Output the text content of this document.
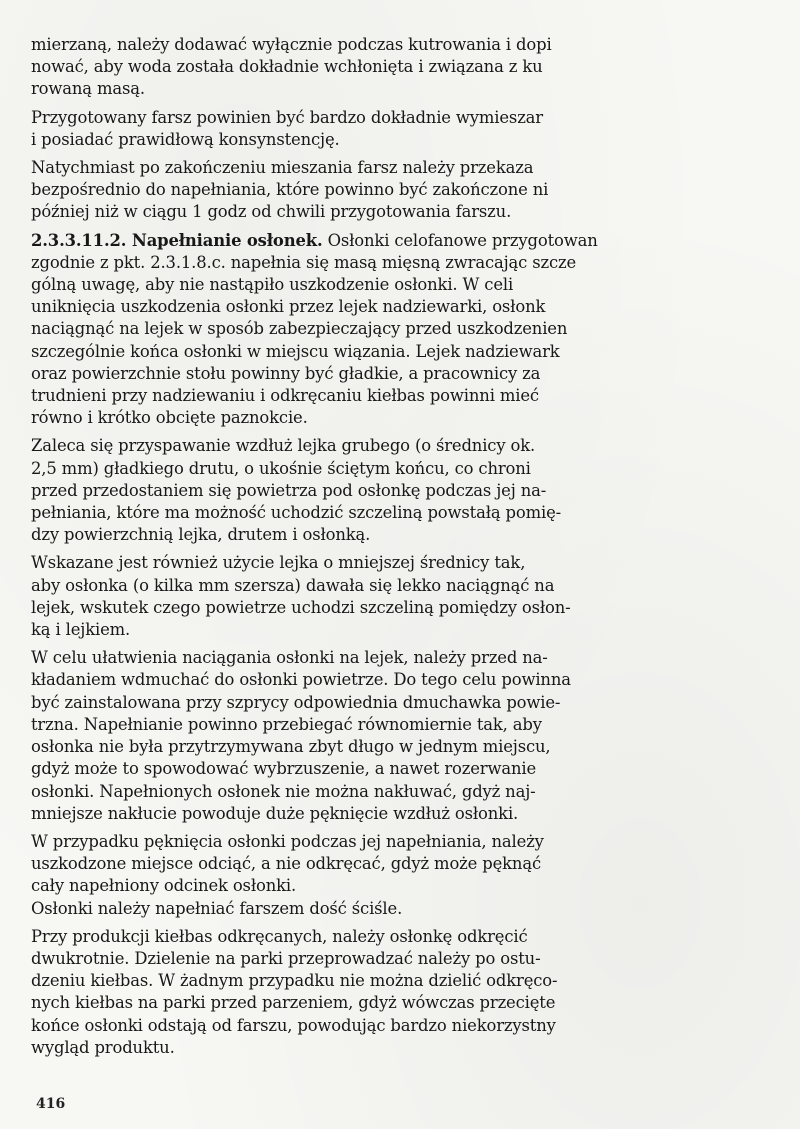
mierzaną, należy dodawać wyłącznie podczas kutrowania i dopi
nować, aby woda została dokładnie wchłonięta i związana z ku
rowaną masą.
Przygotowany farsz powinien być bardzo dokładnie wymieszar
i posiadać prawidłową konsynstencję.
Natychmiast po zakończeniu mieszania farsz należy przekaza
bezpośrednio do napełniania, które powinno być zakończone ni
później niż w ciągu 1 godz od chwili przygotowania farszu.
2.3.3.11.2. Napełnianie osłonek. Osłonki celofanowe przygotowan
zgodnie z pkt. 2.3.1.8.c. napełnia się masą mięsną zwracając szcze
gólną uwagę, aby nie nastąpiło uszkodzenie osłonki. W celi
uniknięcia uszkodzenia osłonki przez lejek nadziewarki, osłonk
naciągnąć na lejek w sposób zabezpieczający przed uszkodzenien
szczególnie końca osłonki w miejscu wiązania. Lejek nadziewark
oraz powierzchnie stołu powinny być gładkie, a pracownicy za
trudnieni przy nadziewaniu i odkręcaniu kiełbas powinni mieć
równo i krótko obcięte paznokcie.
Zaleca się przyspawanie wzdłuż lejka grubego (o średnicy ok.
2,5 mm) gładkiego drutu, o ukośnie ściętym końcu, co chroni
przed przedostaniem się powietrza pod osłonkę podczas jej na-
pełniania, które ma możność uchodzić szczeliną powstałą pomię-
dzy powierzchnią lejka, drutem i osłonką.
Wskazane jest również użycie lejka o mniejszej średnicy tak,
aby osłonka (o kilka mm szersza) dawała się lekko naciągnąć na
lejek, wskutek czego powietrze uchodzi szczeliną pomiędzy osłon-
ką i lejkiem.
W celu ułatwienia naciągania osłonki na lejek, należy przed na-
kładaniem wdmuchać do osłonki powietrze. Do tego celu powinna
być zainstalowana przy szprycy odpowiednia dmuchawka powie-
trzna. Napełnianie powinno przebiegać równomiernie tak, aby
osłonka nie była przytrzymywana zbyt długo w jednym miejscu,
gdyż może to spowodować wybrzuszenie, a nawet rozerwanie
osłonki. Napełnionych osłonek nie można nakłuwać, gdyż naj-
mniejsze nakłucie powoduje duże pęknięcie wzdłuż osłonki.
W przypadku pęknięcia osłonki podczas jej napełniania, należy
uszkodzone miejsce odciąć, a nie odkręcać, gdyż może pęknąć
cały napełniony odcinek osłonki.
Osłonki należy napełniać farszem dość ściśle.
Przy produkcji kiełbas odkręcanych, należy osłonkę odkręcić
dwukrotnie. Dzielenie na parki przeprowadzać należy po ostu-
dzeniu kiełbas. W żadnym przypadku nie można dzielić odkręco-
nych kiełbas na parki przed parzeniem, gdyż wówczas przecięte
końce osłonki odstają od farszu, powodując bardzo niekorzystny
wygląd produktu.
416
